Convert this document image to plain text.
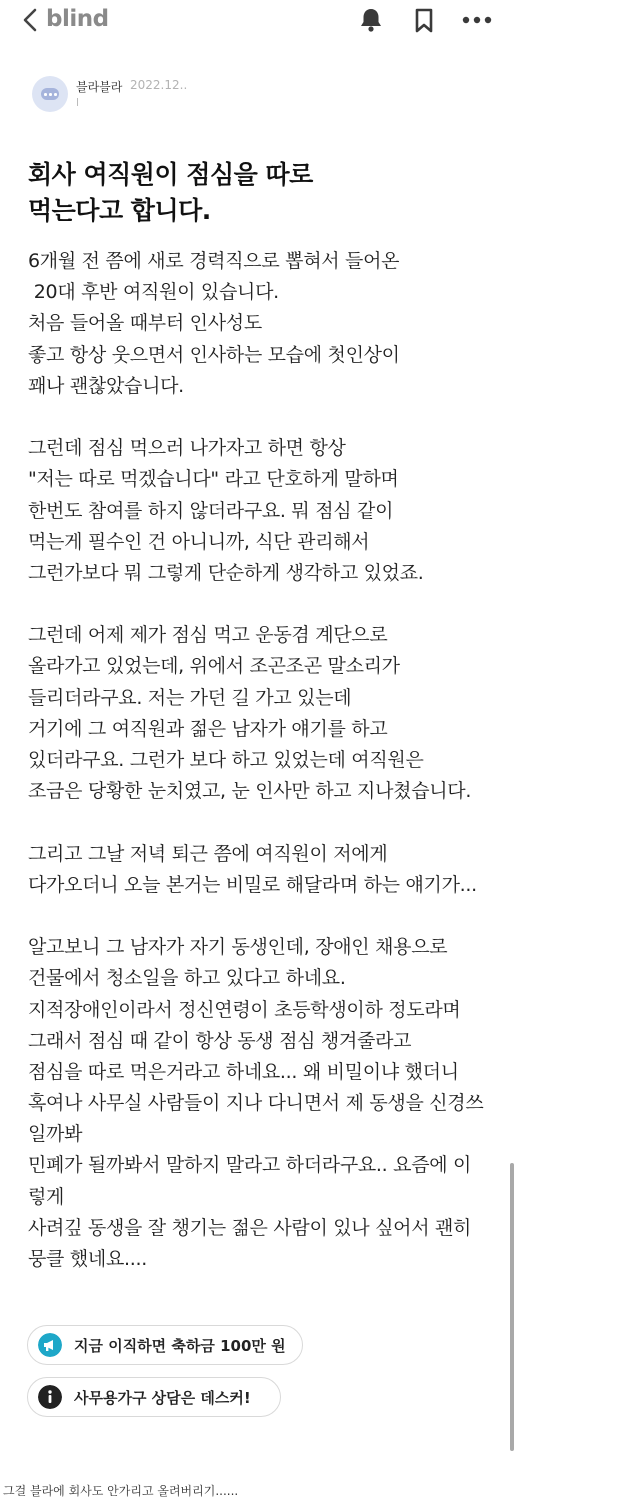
blind
블라블라 2022.12..
l
회사 여직원이 점심을 따로
먹는다고 합니다.
6개월 전 쯤에 새로 경력직으로 뽑혀서 들어온
20대 후반 여직원이 있습니다.
처음 들어올 때부터 인사성도
좋고 항상 웃으면서 인사하는 모습에 첫인상이
꽤나 괜찮았습니다.
그런데 점심 먹으러 나가자고 하면 항상
"저는 따로 먹겠습니다" 라고 단호하게 말하며
한번도 참여를 하지 않더라구요. 뭐 점심 같이
먹는게 필수인 건 아니니까, 식단 관리해서
그런가보다 뭐 그렇게 단순하게 생각하고 있었죠.
그런데 어제 제가 점심 먹고 운동겸 계단으로
올라가고 있었는데, 위에서 조곤조곤 말소리가
들리더라구요. 저는 가던 길 가고 있는데
거기에 그 여직원과 젊은 남자가 얘기를 하고
있더라구요. 그런가 보다 하고 있었는데 여직원은
조금은 당황한 눈치였고, 눈 인사만 하고 지나쳤습니다.
그리고 그날 저녁 퇴근 쯤에 여직원이 저에게
다가오더니 오늘 본거는 비밀로 해달라며 하는 얘기가...
알고보니 그 남자가 자기 동생인데, 장애인 채용으로
건물에서 청소일을 하고 있다고 하네요.
지적장애인이라서 정신연령이 초등학생이하 정도라며
그래서 점심 때 같이 항상 동생 점심 챙겨줄라고
점심을 따로 먹은거라고 하네요... 왜 비밀이냐 했더니
혹여나 사무실 사람들이 지나 다니면서 제 동생을 신경쓰
일까봐
민폐가 될까봐서 말하지 말라고 하더라구요.. 요즘에 이
렇게
사려깊 동생을 잘 챙기는 젊은 사람이 있나 싶어서 괜히
뭉클 했네요....
지금 이직하면 축하금 100만 원
사무용가구 상담은 데스커!
그걸 블라에 회사도 안가리고 올려버리기......
